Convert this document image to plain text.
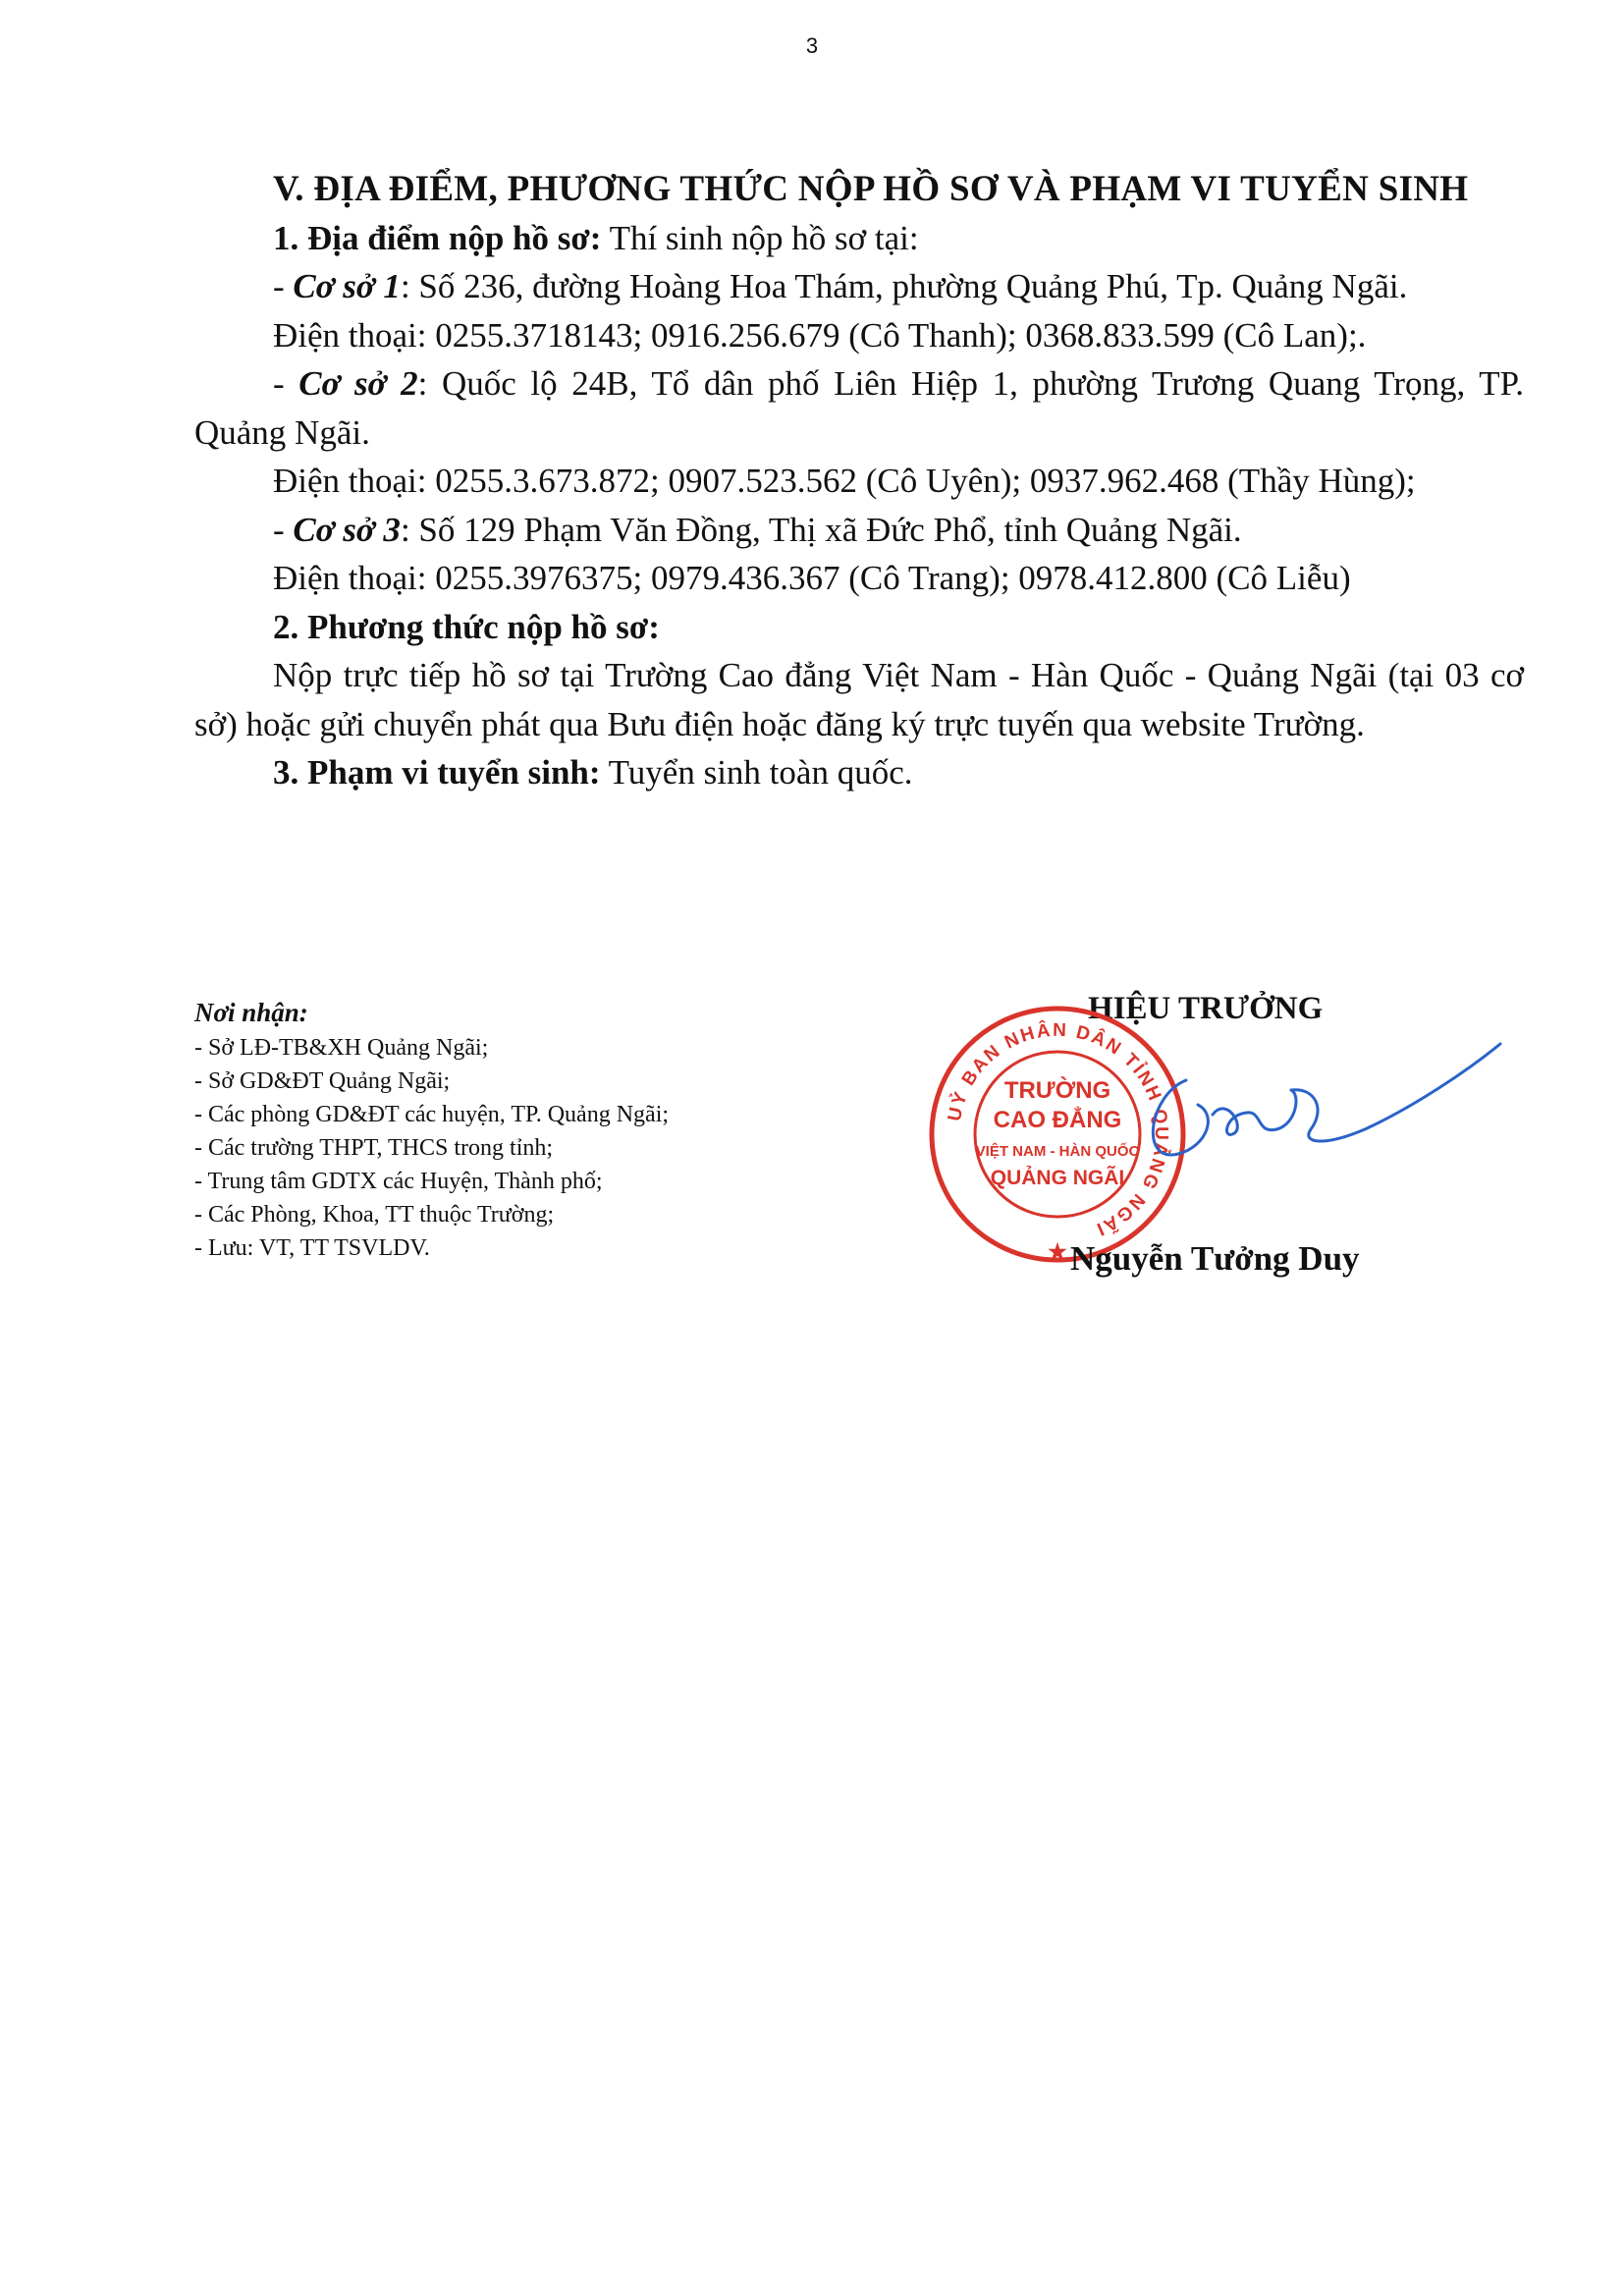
3

V. ĐỊA ĐIỂM, PHƯƠNG THỨC NỘP HỒ SƠ VÀ PHẠM VI TUYỂN SINH

1. Địa điểm nộp hồ sơ: Thí sinh nộp hồ sơ tại:

- Cơ sở 1: Số 236, đường Hoàng Hoa Thám, phường Quảng Phú, Tp. Quảng Ngãi.

Điện thoại: 0255.3718143; 0916.256.679 (Cô Thanh); 0368.833.599 (Cô Lan);.

- Cơ sở 2: Quốc lộ 24B, Tổ dân phố Liên Hiệp 1, phường Trương Quang Trọng, TP. Quảng Ngãi.

Điện thoại: 0255.3.673.872; 0907.523.562 (Cô Uyên); 0937.962.468 (Thầy Hùng);

- Cơ sở 3: Số 129 Phạm Văn Đồng, Thị xã Đức Phổ, tỉnh Quảng Ngãi.

Điện thoại: 0255.3976375; 0979.436.367 (Cô Trang); 0978.412.800 (Cô Liễu)

2. Phương thức nộp hồ sơ:

Nộp trực tiếp hồ sơ tại Trường Cao đẳng Việt Nam - Hàn Quốc - Quảng Ngãi (tại 03 cơ sở) hoặc gửi chuyển phát qua Bưu điện hoặc đăng ký trực tuyến qua website Trường.

3. Phạm vi tuyển sinh: Tuyển sinh toàn quốc.

Nơi nhận:
- Sở LĐ-TB&XH Quảng Ngãi;
- Sở GD&ĐT Quảng Ngãi;
- Các phòng GD&ĐT các huyện, TP. Quảng Ngãi;
- Các trường THPT, THCS trong tỉnh;
- Trung tâm GDTX các Huyện, Thành phố;
- Các Phòng, Khoa, TT thuộc Trường;
- Lưu: VT, TT TSVLDV.
HIỆU TRƯỞNG
UỶ BAN NHÂN DÂN TỈNH QUẢNG NGÃI
TRƯỜNG
CAO ĐẲNG
VIỆT NAM - HÀN QUỐC
QUẢNG NGÃI
★ Nguyễn Tưởng Duy
